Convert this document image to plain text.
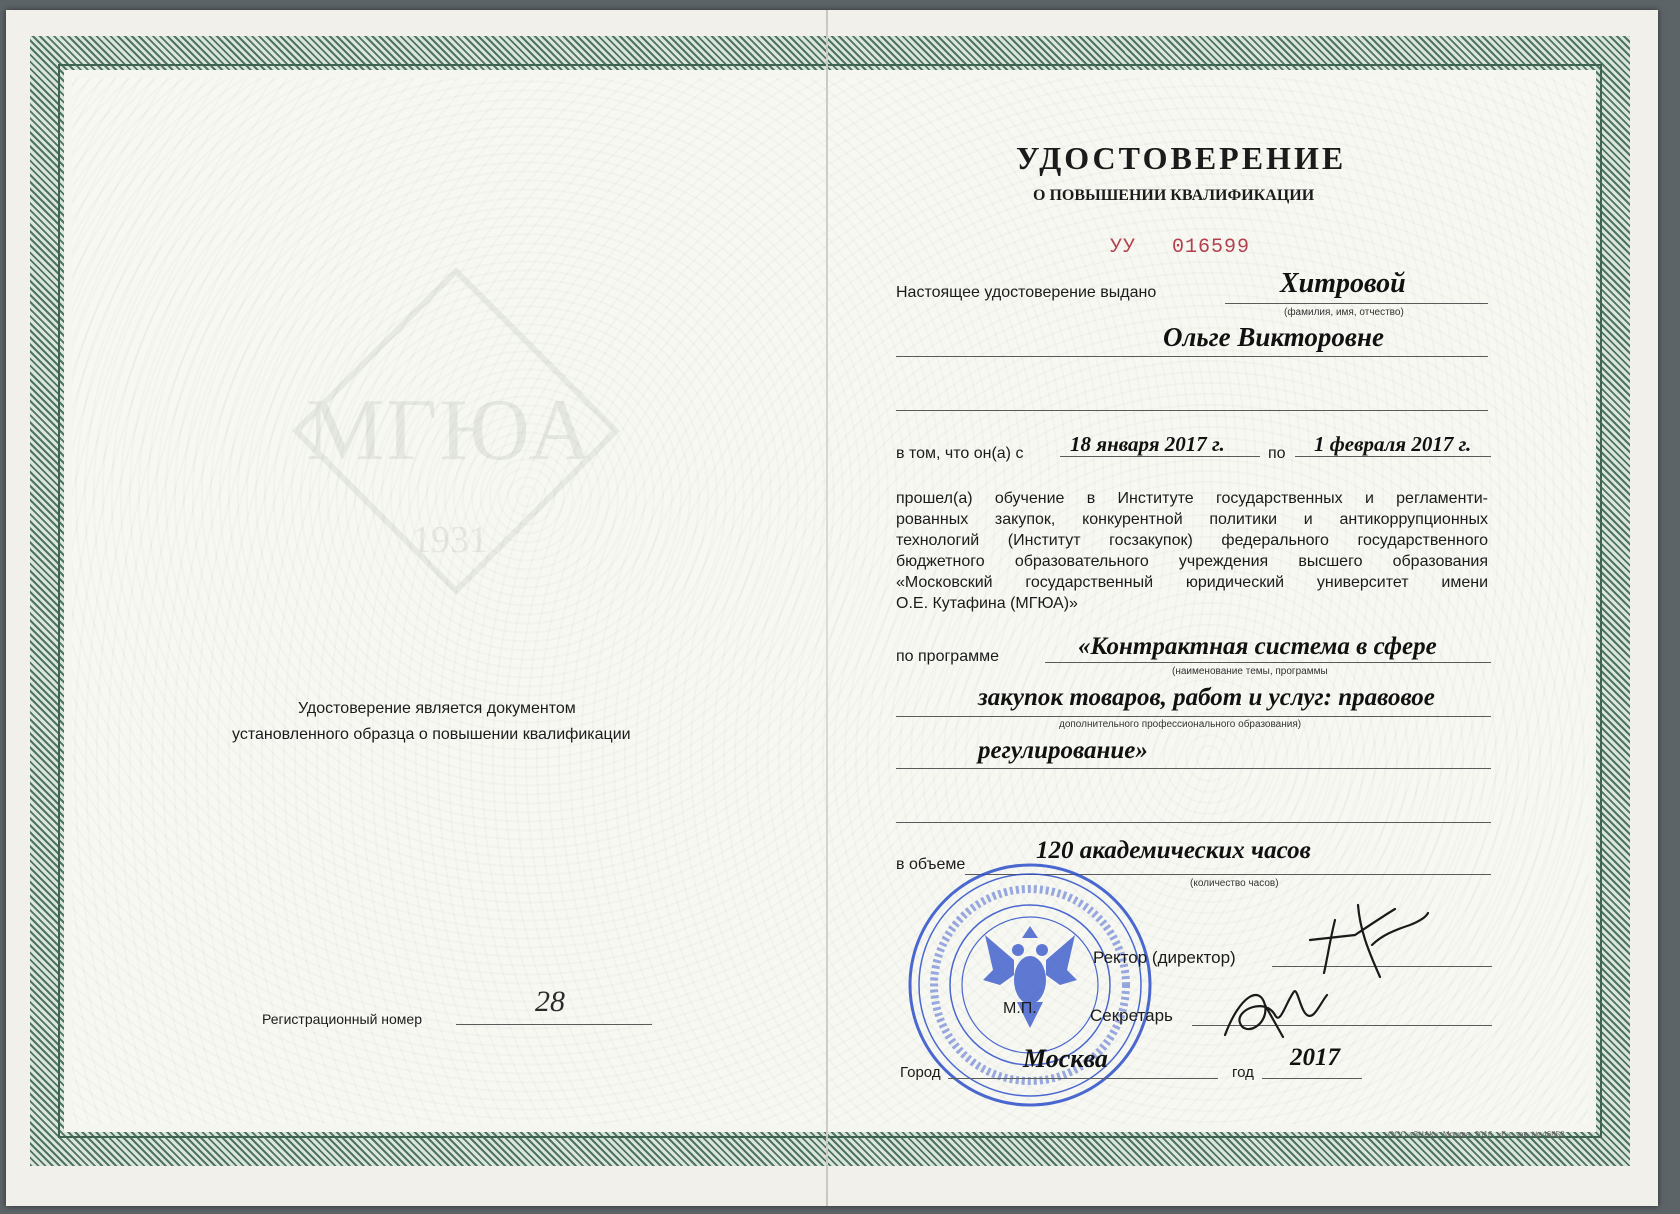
МГЮА
1931
Удостоверение является документом
установленного образца о повышении квалификации
Регистрационный номер
28
УДОСТОВЕРЕНИЕ
О ПОВЫШЕНИИ КВАЛИФИКАЦИИ
УУ 016599
Настоящее удостоверение выдано	Хитровой
(фамилия, имя, отчество)
Ольге Викторовне
в том, что он(а) с 18 января 2017 г.	по 1 февраля 2017 г.
прошел(а) обучение в Институте государственных и регламенти-
рованных закупок, конкурентной политики и антикоррупционных
технологий (Институт госзакупок) федерального государственного
бюджетного образовательного учреждения высшего образования
«Московский государственный юридический университет имени
О.Е. Кутафина (МГЮА)»
по программе	«Контрактная система в сфере
(наименование темы, программы
закупок товаров, работ и услуг: правовое
дополнительного профессионального образования)
регулирование»
в объеме
120 академических часов
(количество часов)
Ректор (директор)
М.П.	Секретарь
Город	Москва	год
2017
ООО «ЗНАК», Москва, 2016, «Б», зак. № 46858
